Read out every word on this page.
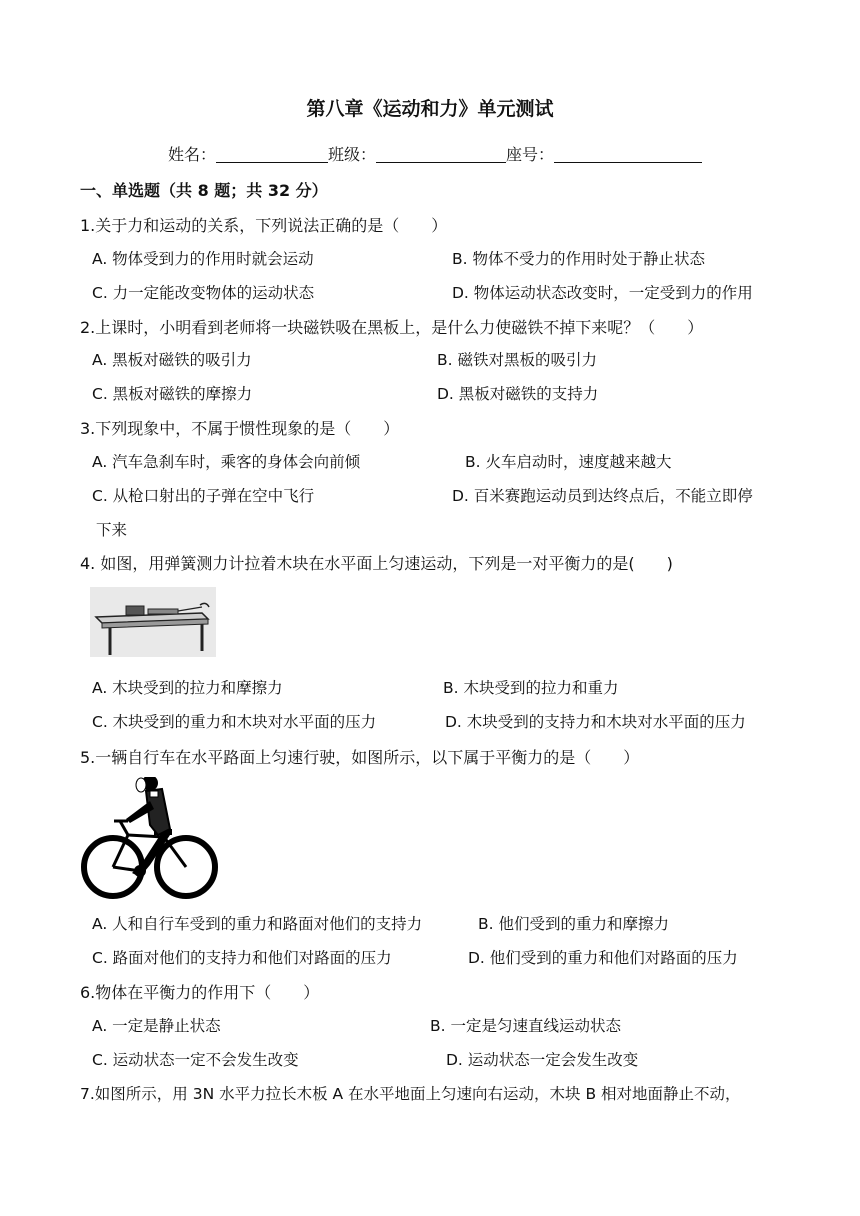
第八章《运动和力》单元测试
姓名：	班级：	座号：
一、单选题（共 8 题；共 32 分）
1.关于力和运动的关系，下列说法正确的是（　　）
A. 物体受到力的作用时就会运动	B. 物体不受力的作用时处于静止状态
C. 力一定能改变物体的运动状态	D. 物体运动状态改变时，一定受到力的作用
2.上课时，小明看到老师将一块磁铁吸在黑板上，是什么力使磁铁不掉下来呢？（　　）
A. 黑板对磁铁的吸引力	B. 磁铁对黑板的吸引力
C. 黑板对磁铁的摩擦力	D. 黑板对磁铁的支持力
3.下列现象中，不属于惯性现象的是（　　）
A. 汽车急刹车时，乘客的身体会向前倾	B. 火车启动时，速度越来越大
C. 从枪口射出的子弹在空中飞行	D. 百米赛跑运动员到达终点后，不能立即停
下来
4. 如图，用弹簧测力计拉着木块在水平面上匀速运动，下列是一对平衡力的是(　　)
A. 木块受到的拉力和摩擦力	B. 木块受到的拉力和重力
C. 木块受到的重力和木块对水平面的压力	D. 木块受到的支持力和木块对水平面的压力
5.一辆自行车在水平路面上匀速行驶，如图所示，以下属于平衡力的是（　　）
A. 人和自行车受到的重力和路面对他们的支持力	B. 他们受到的重力和摩擦力
C. 路面对他们的支持力和他们对路面的压力	D. 他们受到的重力和他们对路面的压力
6.物体在平衡力的作用下（　　）
A. 一定是静止状态	B. 一定是匀速直线运动状态
C. 运动状态一定不会发生改变	D. 运动状态一定会发生改变
7.如图所示，用 3N 水平力拉长木板 A 在水平地面上匀速向右运动，木块 B 相对地面静止不动，
